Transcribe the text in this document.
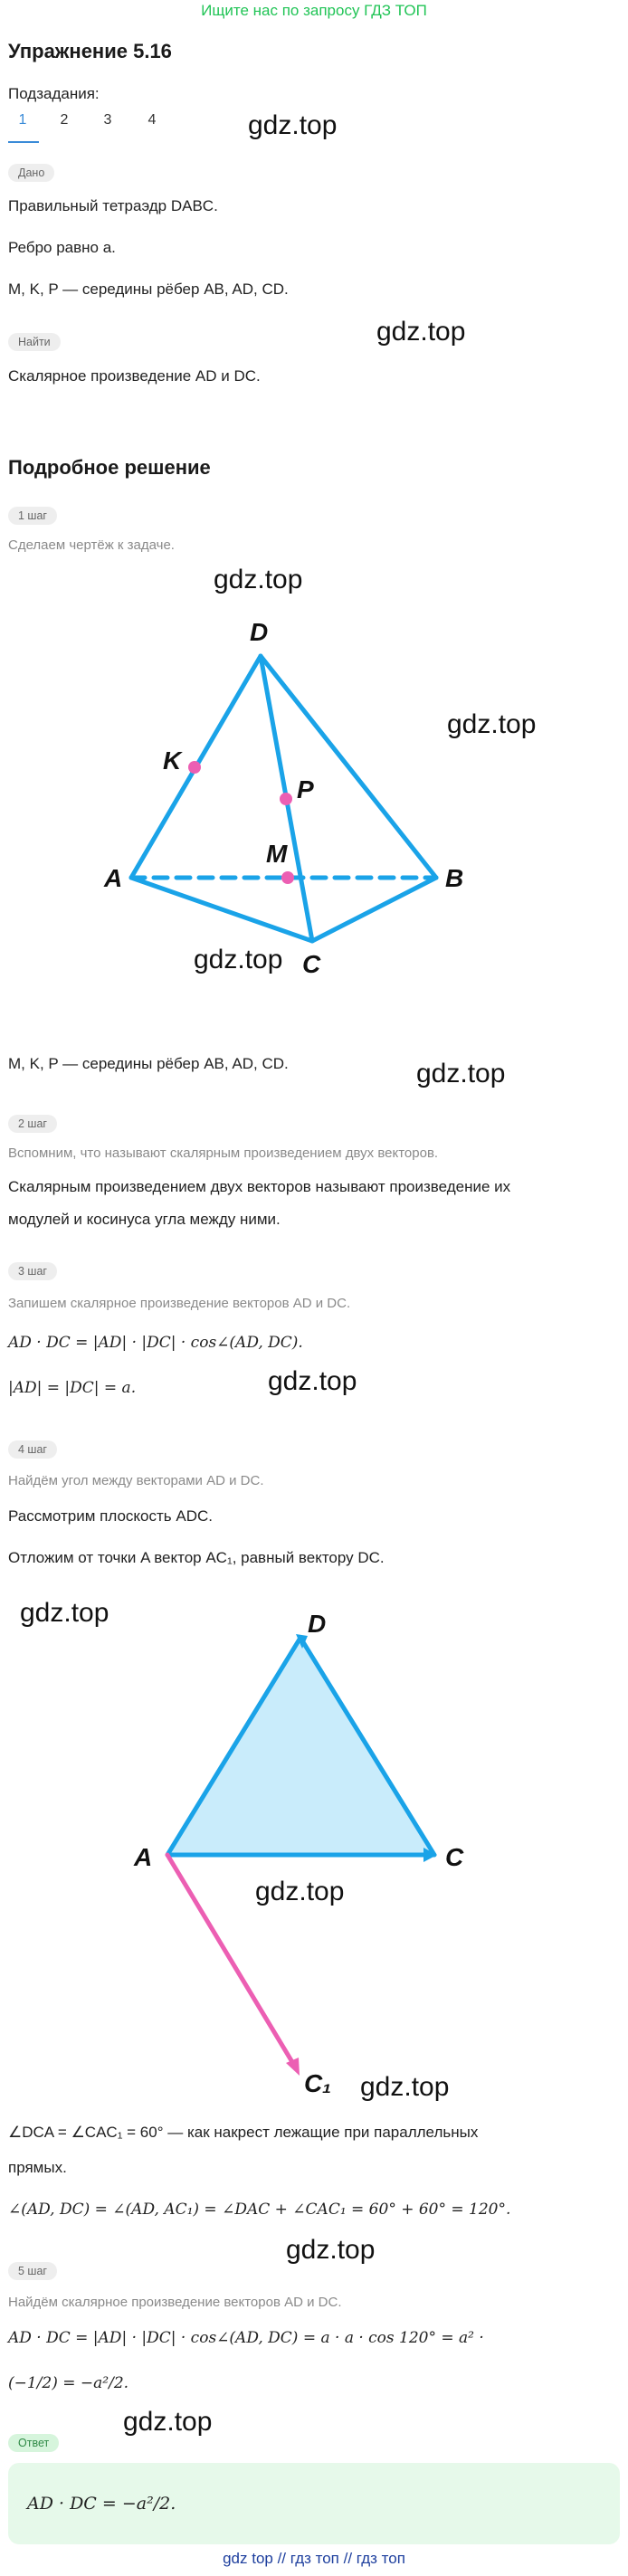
Ищите нас по запросу ГДЗ ТОП
Упражнение 5.16
Подзадания:
1	2	3	4	gdz.top
gdz.top
gdz.top
gdz.top
gdz.top
gdz.top
gdz.top
gdz.top
gdz.top
gdz.top
gdz.top
gdz.top
Дано
Правильный тетраэдр DABC.
Ребро равно a.
M, K, P — середины рёбер AB, AD, CD.
Найти
Скалярное произведение AD и DC.
Подробное решение
1 шаг
Сделаем чертёж к задаче.
D
K
P
A
M
B
C
M, K, P — середины рёбер AB, AD, CD.
2 шаг
Вспомним, что называют скалярным произведением двух векторов.
Скалярным произведением двух векторов называют произведение их
модулей и косинуса угла между ними.
3 шаг
Запишем скалярное произведение векторов AD и DC.
AD · DC = |AD| · |DC| · cos∠(AD, DC).
|AD| = |DC| = a.
4 шаг
Найдём угол между векторами AD и DC.
Рассмотрим плоскость ADC.
Отложим от точки A вектор AC₁, равный вектору DC.
D
A	C
C₁
∠DCA = ∠CAC₁ = 60° — как накрест лежащие при параллельных
прямых.
∠(AD, DC) = ∠(AD, AC₁) = ∠DAC + ∠CAC₁ = 60° + 60° = 120°.
5 шаг
Найдём скалярное произведение векторов AD и DC.
AD · DC = |AD| · |DC| · cos∠(AD, DC) = a · a · cos 120° = a² ·
(−1/2) = −a²/2.
Ответ
AD · DC = −a²/2.
gdz top // гдз топ // гдз топ
